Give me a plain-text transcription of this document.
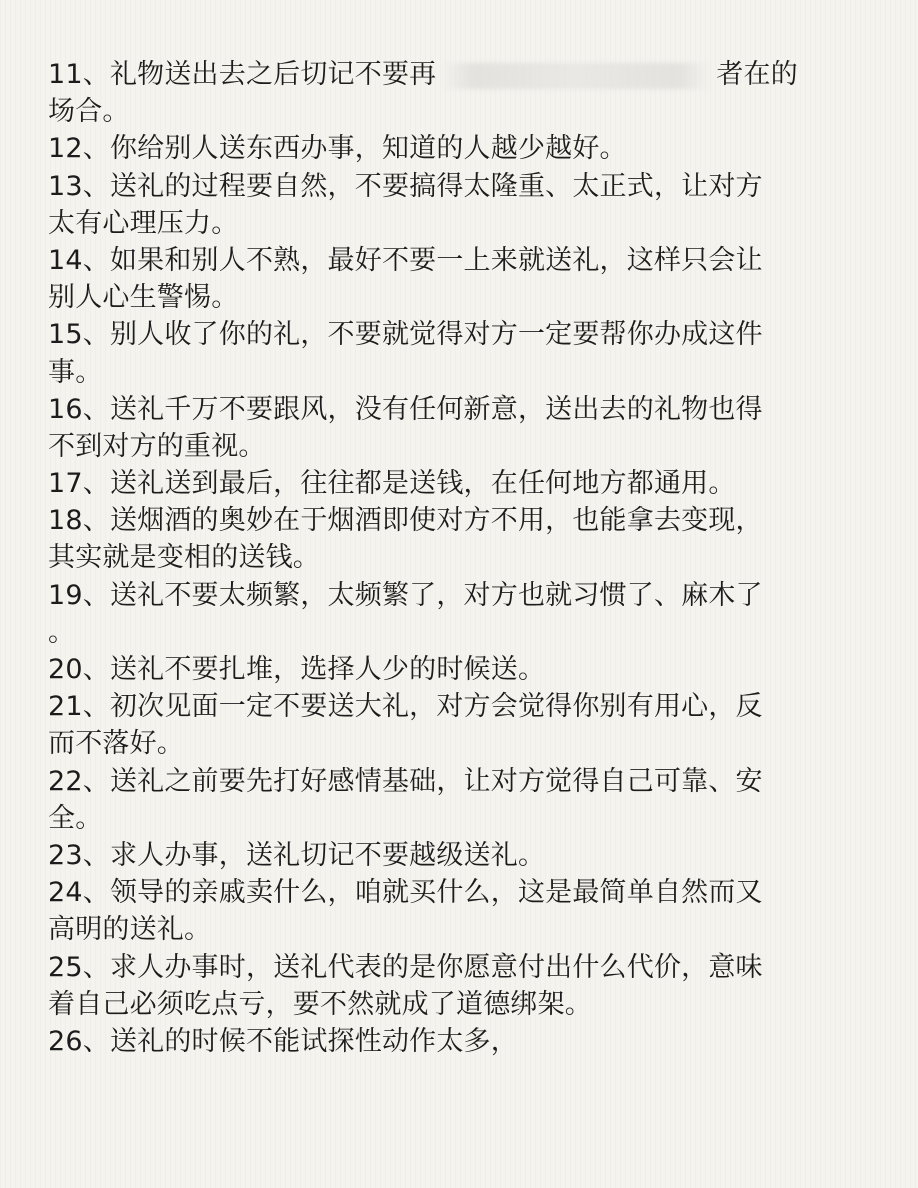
11、礼物送出去之后切记不要再	者在的
场合。
12、你给别人送东西办事，知道的人越少越好。
13、送礼的过程要自然，不要搞得太隆重、太正式，让对方
太有心理压力。
14、如果和别人不熟，最好不要一上来就送礼，这样只会让
别人心生警惕。
15、别人收了你的礼，不要就觉得对方一定要帮你办成这件
事。
16、送礼千万不要跟风，没有任何新意，送出去的礼物也得
不到对方的重视。
17、送礼送到最后，往往都是送钱，在任何地方都通用。
18、送烟酒的奥妙在于烟酒即使对方不用，也能拿去变现，
其实就是变相的送钱。
19、送礼不要太频繁，太频繁了，对方也就习惯了、麻木了
。
20、送礼不要扎堆，选择人少的时候送。
21、初次见面一定不要送大礼，对方会觉得你别有用心，反
而不落好。
22、送礼之前要先打好感情基础，让对方觉得自己可靠、安
全。
23、求人办事，送礼切记不要越级送礼。
24、领导的亲戚卖什么，咱就买什么，这是最简单自然而又
高明的送礼。
25、求人办事时，送礼代表的是你愿意付出什么代价，意味
着自己必须吃点亏，要不然就成了道德绑架。
26、送礼的时候不能试探性动作太多，
